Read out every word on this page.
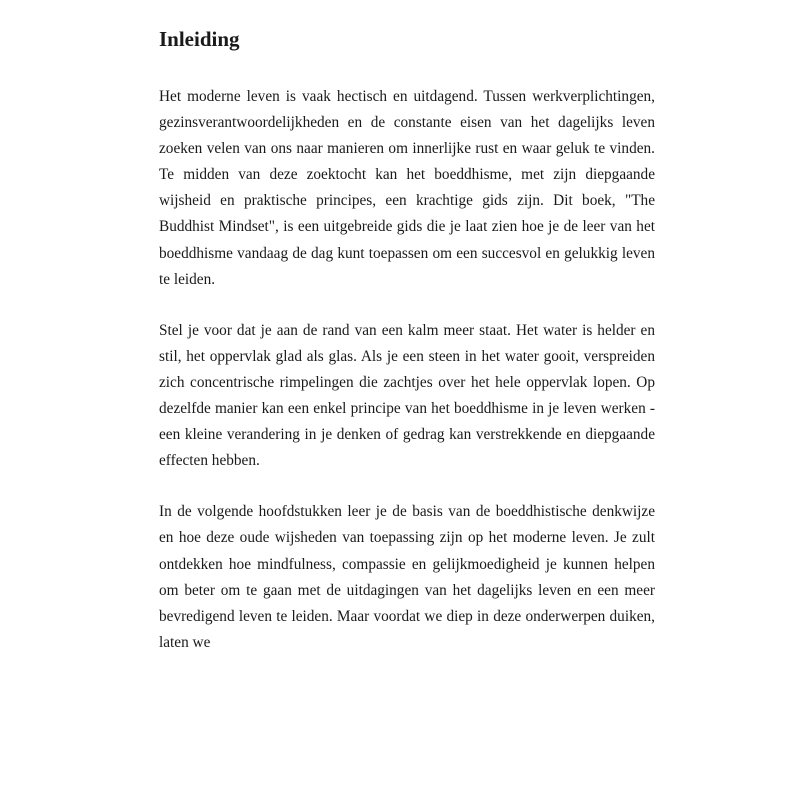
Inleiding

Het moderne leven is vaak hectisch en uitdagend. Tussen werkverplichtingen, gezinsverantwoordelijkheden en de constante eisen van het dagelijks leven zoeken velen van ons naar manieren om innerlijke rust en waar geluk te vinden. Te midden van deze zoektocht kan het boeddhisme, met zijn diepgaande wijsheid en praktische principes, een krachtige gids zijn. Dit boek, "The Buddhist Mindset", is een uitgebreide gids die je laat zien hoe je de leer van het boeddhisme vandaag de dag kunt toepassen om een succesvol en gelukkig leven te leiden.

Stel je voor dat je aan de rand van een kalm meer staat. Het water is helder en stil, het oppervlak glad als glas. Als je een steen in het water gooit, verspreiden zich concentrische rimpelingen die zachtjes over het hele oppervlak lopen. Op dezelfde manier kan een enkel principe van het boeddhisme in je leven werken - een kleine verandering in je denken of gedrag kan verstrekkende en diepgaande effecten hebben.

In de volgende hoofdstukken leer je de basis van de boeddhistische denkwijze en hoe deze oude wijsheden van toepassing zijn op het moderne leven. Je zult ontdekken hoe mindfulness, compassie en gelijkmoedigheid je kunnen helpen om beter om te gaan met de uitdagingen van het dagelijks leven en een meer bevredigend leven te leiden. Maar voordat we diep in deze onderwerpen duiken, laten we
